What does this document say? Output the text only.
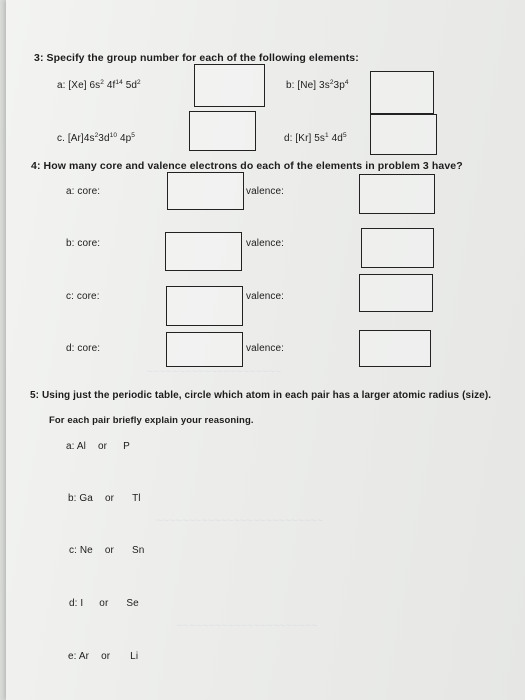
~~~~~~~~~~~~~~~~~~~~~
~~~~~~~~~~~~~~~~~~~~~~~~~~
~~~~~~~~~~~~~~~~~~~~~~
3: Specify the group number for each of the following elements:
a: [Xe] $6s^2$ $4f^{14}$ $5d^2$	b: [Ne] $3s^23p^4$
c. $[Ar]4s^23d^{10}$ $4p^5$	d: [Kr] $5s^1$ $4d^5$
4: How many core and valence electrons do each of the elements in problem 3 have?
a: core:	valence:
b: core:	valence:
c: core:	valence:
d: core:	valence:
5: Using just the periodic table, circle which atom in each pair has a larger atomic radius (size).
For each pair briefly explain your reasoning.
a: Al or P
b: Ga or Tl
c: Ne or Sn
d: I or Se
e: Ar or Li
